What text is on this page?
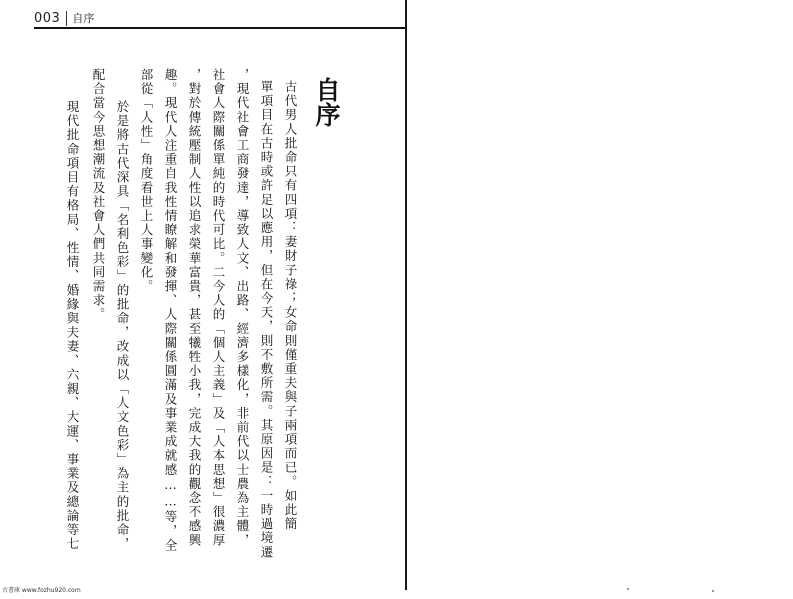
003	自序
自序
古代男人批命只有四項：妻財子祿；女命則僅重夫與子兩項而已。如此簡
單項目在古時或許足以應用，但在今天，則不敷所需。其原因是：一時過境遷
，現代社會工商發達，導致人文、出路、經濟多樣化，非前代以士農為主體，
社會人際關係單純的時代可比。二今人的「個人主義」及「人本思想」很濃厚
，對於傳統壓制人性以追求榮華富貴，甚至犧牲小我，完成大我的觀念不感興
趣。現代人注重自我性情瞭解和發揮、人際關係圓滿及事業成就感……等，全
部從「人性」角度看世上人事變化。
於是將古代深具「名利色彩」的批命，改成以「人文色彩」為主的批命，
配合當今思想潮流及社會人們共同需求。
現代批命項目有格局、性情、婚緣與夫妻、六親、大運、事業及總論等七
古書庫 www.fozhu920.com
